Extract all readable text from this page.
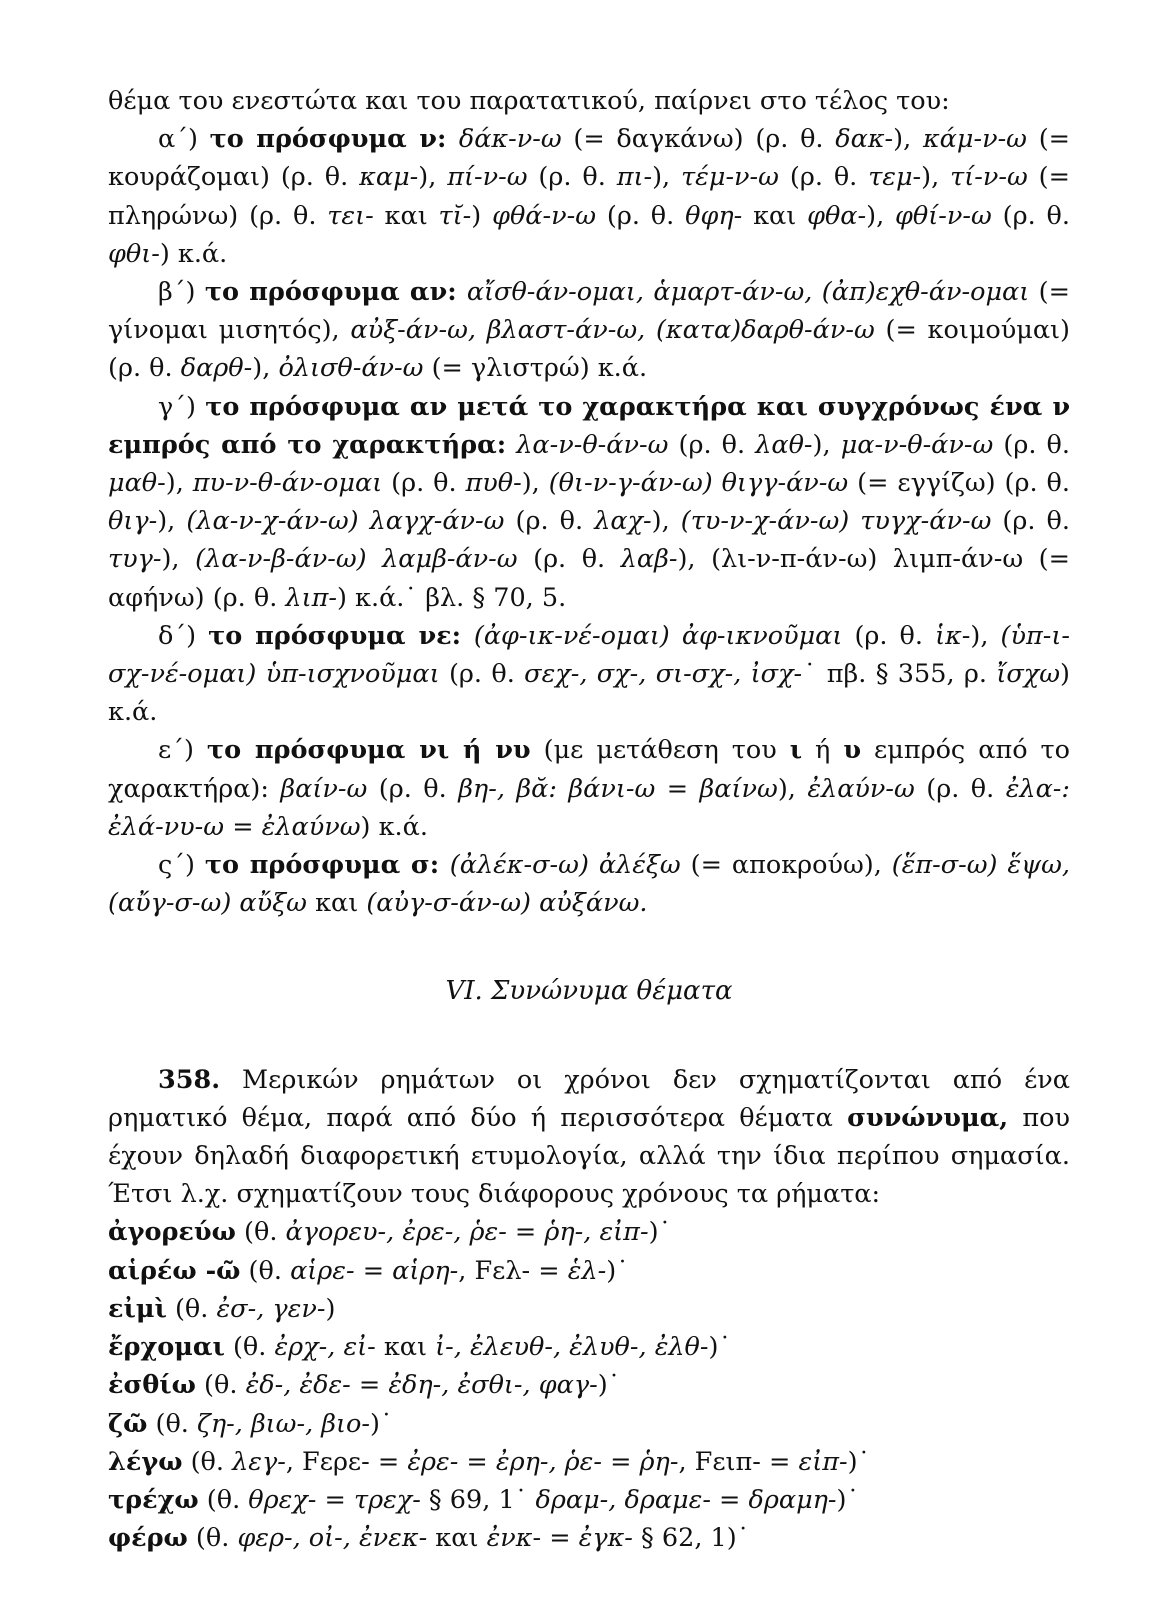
θέμα του ενεστώτα και του παρατατικού, παίρνει στο τέλος του:

α΄) το πρόσφυμα ν: δάκ-ν-ω (= δαγκάνω) (ρ. θ. δακ-), κάμ-ν-ω (= κουράζομαι) (ρ. θ. καμ-), πί-ν-ω (ρ. θ. πι-), τέμ-ν-ω (ρ. θ. τεμ-), τί-ν-ω (= πληρώνω) (ρ. θ. τει- και τῐ-) φθά-ν-ω (ρ. θ. θφη- και φθα-), φθί-ν-ω (ρ. θ. φθι-) κ.ά.

β΄) το πρόσφυμα αν: αἴσθ-άν-ομαι, ἁμαρτ-άν-ω, (ἀπ)εχθ-άν-ομαι (= γίνομαι μισητός), αὐξ-άν-ω, βλαστ-άν-ω, (κατα)δαρθ-άν-ω (= κοιμούμαι) (ρ. θ. δαρθ-), ὀλισθ-άν-ω (= γλιστρώ) κ.ά.

γ΄) το πρόσφυμα αν μετά το χαρακτήρα και συγχρόνως ένα ν εμπρός από το χαρακτήρα: λα-ν-θ-άν-ω (ρ. θ. λαθ-), μα-ν-θ-άν-ω (ρ. θ. μαθ-), πυ-ν-θ-άν-ομαι (ρ. θ. πυθ-), (θι-ν-γ-άν-ω) θιγγ-άν-ω (= εγγίζω) (ρ. θ. θιγ-), (λα-ν-χ-άν-ω) λαγχ-άν-ω (ρ. θ. λαχ-), (τυ-ν-χ-άν-ω) τυγχ-άν-ω (ρ. θ. τυγ-), (λα-ν-β-άν-ω) λαμβ-άν-ω (ρ. θ. λαβ-), (λι-ν-π-άν-ω) λιμπ-άν-ω (= αφήνω) (ρ. θ. λιπ-) κ.ά.˙ βλ. § 70, 5.

δ΄) το πρόσφυμα νε: (ἀφ-ικ-νέ-ομαι) ἀφ-ικνοῦμαι (ρ. θ. ἱκ-), (ὑπ-ι-σχ-νέ-ομαι) ὑπ-ισχνοῦμαι (ρ. θ. σεχ-, σχ-, σι-σχ-, ἰσχ-˙ πβ. § 355, ρ. ἴσχω) κ.ά.

ε΄) το πρόσφυμα νι ή νυ (με μετάθεση του ι ή υ εμπρός από το χαρακτήρα): βαίν-ω (ρ. θ. βη-, βᾰ: βάνι-ω = βαίνω), ἐλαύν-ω (ρ. θ. ἐλα-: ἐλά-νυ-ω = ἐλαύνω) κ.ά.

ς΄) το πρόσφυμα σ: (ἀλέκ-σ-ω) ἀλέξω (= αποκρούω), (ἕπ-σ-ω) ἕψω, (αὔγ-σ-ω) αὔξω και (αὐγ-σ-άν-ω) αὐξάνω.

VI. Συνώνυμα θέματα

358. Μερικών ρημάτων οι χρόνοι δεν σχηματίζονται από ένα ρηματικό θέμα, παρά από δύο ή περισσότερα θέματα συνώνυμα, που έχουν δηλαδή διαφορετική ετυμολογία, αλλά την ίδια περίπου σημασία. Έτσι λ.χ. σχηματίζουν τους διάφορους χρόνους τα ρήματα:

ἀγορεύω (θ. ἀγορευ-, ἐρε-, ῥε- = ῥη-, εἰπ-)˙

αἱρέω -ῶ (θ. αἱρε- = αἱρη-, Fελ- = ἑλ-)˙

εἰμὶ (θ. ἐσ-, γεν-)

ἔρχομαι (θ. ἐρχ-, εἰ- και ἰ-, ἐλευθ-, ἐλυθ-, ἐλθ-)˙

ἐσθίω (θ. ἐδ-, ἐδε- = ἐδη-, ἐσθι-, φαγ-)˙

ζῶ (θ. ζη-, βιω-, βιο-)˙

λέγω (θ. λεγ-, Fερε- = ἐρε- = ἐρη-, ῥε- = ῥη-, Fειπ- = εἰπ-)˙

τρέχω (θ. θρεχ- = τρεχ- § 69, 1˙ δραμ-, δραμε- = δραμη-)˙

φέρω (θ. φερ-, οἰ-, ἐνεκ- και ἐνκ- = ἐγκ- § 62, 1)˙
